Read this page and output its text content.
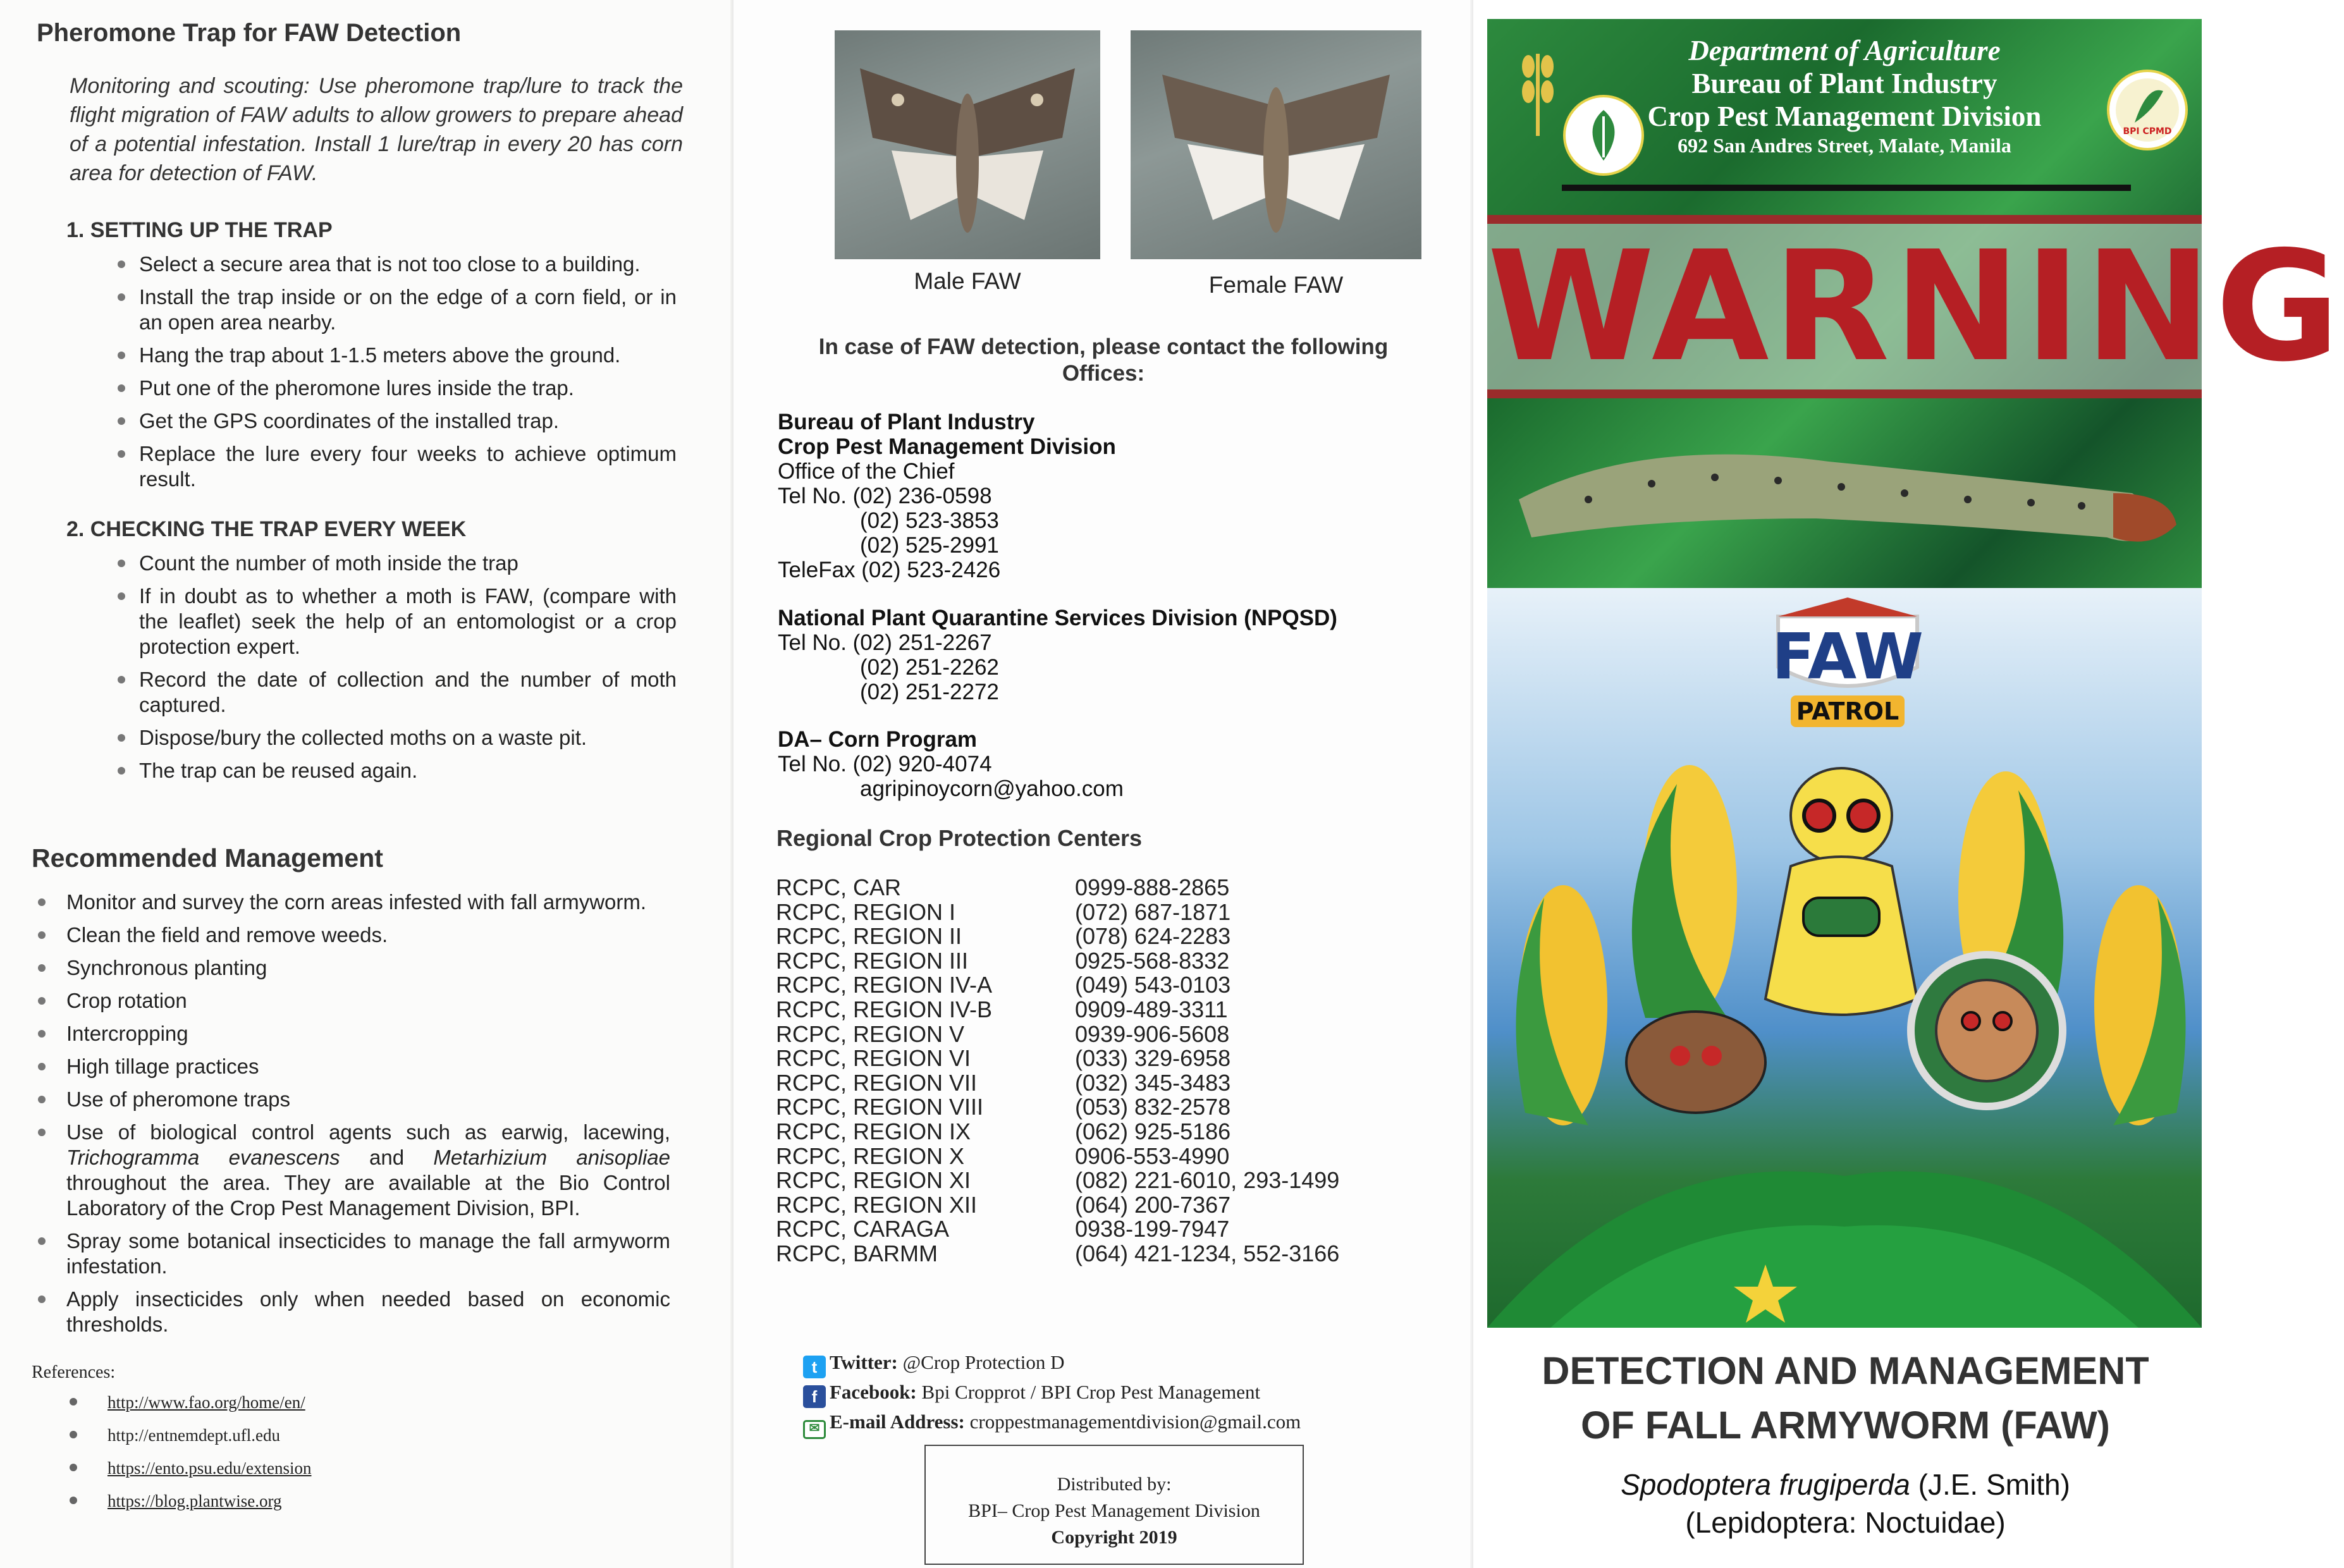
Pheromone Trap for FAW Detection
Monitoring and scouting: Use pheromone trap/lure to track the flight migration of FAW adults to allow growers to prepare ahead of a potential infestation. Install 1 lure/trap in every 20 has corn area for detection of FAW.
1. SETTING UP THE TRAP
Select a secure area that is not too close to a building.
Install the trap inside or on the edge of a corn field, or in an open area nearby.
Hang the trap about 1-1.5 meters above the ground.
Put one of the pheromone lures inside the trap.
Get the GPS coordinates of the installed trap.
Replace the lure every four weeks to achieve optimum result.
2. CHECKING THE TRAP EVERY WEEK
Count the number of moth inside the trap
If in doubt as to whether a moth is FAW, (compare with the leaflet) seek the help of an entomologist or a crop protection expert.
Record the date of collection and the number of moth captured.
Dispose/bury the collected moths on a waste pit.
The trap can be reused again.
Recommended Management
Monitor and survey the corn areas infested with fall armyworm.
Clean the field and remove weeds.
Synchronous planting
Crop rotation
Intercropping
High tillage practices
Use of pheromone traps
Use of biological control agents such as earwig, lacewing, Trichogramma evanescens and Metarhizium anisopliae throughout the area. They are available at the Bio Control Laboratory of the Crop Pest Management Division, BPI.
Spray some botanical insecticides to manage the fall armyworm infestation.
Apply insecticides only when needed based on economic thresholds.
References:
http://www.fao.org/home/en/
http://entnemdept.ufl.edu
https://ento.psu.edu/extension
https://blog.plantwise.org
Male FAW	Female FAW
In case of FAW detection, please contact the following Offices:
Bureau of Plant Industry
Crop Pest Management Division
Office of the Chief
Tel No. (02) 236-0598
(02) 523-3853
(02) 525-2991
TeleFax (02) 523-2426
National Plant Quarantine Services Division (NPQSD)
Tel No. (02) 251-2267
(02) 251-2262
(02) 251-2272
DA– Corn Program
Tel No. (02) 920-4074
agripinoycorn@yahoo.com
Regional Crop Protection Centers
RCPC, CAR	0999-888-2865
RCPC, REGION I	(072) 687-1871
RCPC, REGION II	(078) 624-2283
RCPC, REGION III	0925-568-8332
RCPC, REGION IV-A	(049) 543-0103
RCPC, REGION IV-B	0909-489-3311
RCPC, REGION V	0939-906-5608
RCPC, REGION VI	(033) 329-6958
RCPC, REGION VII	(032) 345-3483
RCPC, REGION VIII	(053) 832-2578
RCPC, REGION IX	(062) 925-5186
RCPC, REGION X	0906-553-4990
RCPC, REGION XI	(082) 221-6010, 293-1499
RCPC, REGION XII	(064) 200-7367
RCPC, CARAGA	0938-199-7947
RCPC, BARMM	(064) 421-1234, 552-3166
t Twitter: @Crop Protection D
f Facebook: Bpi Cropprot / BPI Crop Pest Management
✉ E-mail Address: croppestmanagementdivision@gmail.com
Distributed by:
BPI– Crop Pest Management Division
Copyright 2019
BPI CPMD
Department of Agriculture
Bureau of Plant Industry
Crop Pest Management Division
692 San Andres Street, Malate, Manila
WARNING
FAW
PATROL
DETECTION AND MANAGEMENT
OF FALL ARMYWORM (FAW)
Spodoptera frugiperda (J.E. Smith)
(Lepidoptera: Noctuidae)
